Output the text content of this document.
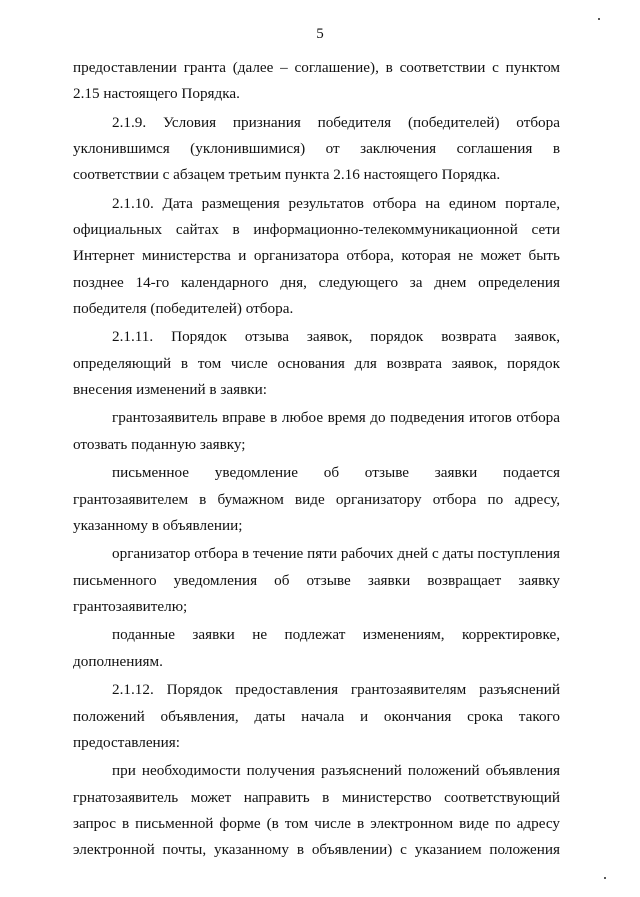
5
предоставлении гранта (далее – соглашение), в соответствии с пунктом
2.15 настоящего Порядка.
2.1.9. Условия признания победителя (победителей) отбора
уклонившимся (уклонившимися) от заключения соглашения в
соответствии с абзацем третьим пункта 2.16 настоящего Порядка.
2.1.10. Дата размещения результатов отбора на едином портале,
официальных сайтах в информационно-телекоммуникационной сети
Интернет министерства и организатора отбора, которая не может быть
позднее 14-го календарного дня, следующего за днем определения
победителя (победителей) отбора.
2.1.11. Порядок отзыва заявок, порядок возврата заявок,
определяющий в том числе основания для возврата заявок, порядок
внесения изменений в заявки:
грантозаявитель вправе в любое время до подведения итогов отбора
отозвать поданную заявку;
письменное уведомление об отзыве заявки подается
грантозаявителем в бумажном виде организатору отбора по адресу,
указанному в объявлении;
организатор отбора в течение пяти рабочих дней с даты поступления
письменного уведомления об отзыве заявки возвращает заявку
грантозаявителю;
поданные заявки не подлежат изменениям, корректировке,
дополнениям.
2.1.12. Порядок предоставления грантозаявителям разъяснений
положений объявления, даты начала и окончания срока такого
предоставления:
при необходимости получения разъяснений положений объявления
грнатозаявитель может направить в министерство соответствующий
запрос в письменной форме (в том числе в электронном виде по адресу
электронной почты, указанному в объявлении) с указанием положения
